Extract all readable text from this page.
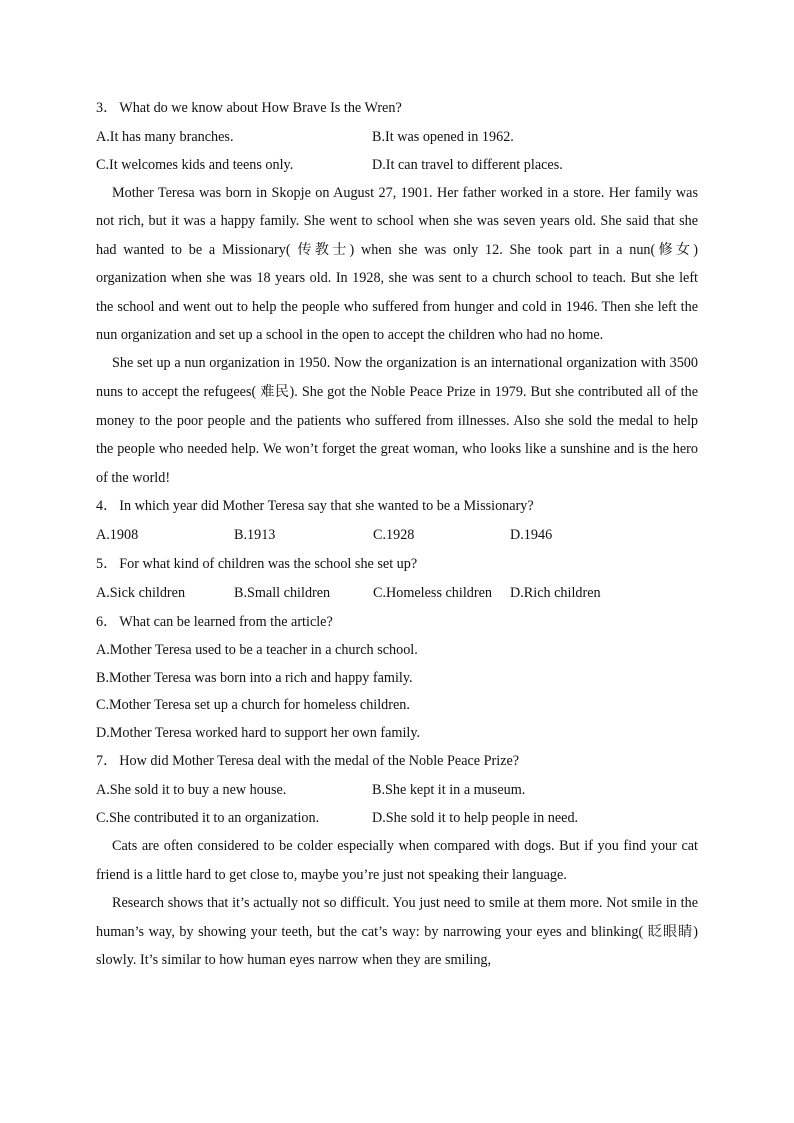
3． What do we know about How Brave Is the Wren?
A.It has many branches.	B.It was opened in 1962.
C.It welcomes kids and teens only.	D.It can travel to different places.

Mother Teresa was born in Skopje on August 27, 1901. Her father worked in a store. Her family was not rich, but it was a happy family. She went to school when she was seven years old. She said that she had wanted to be a Missionary( 传教士) when she was only 12. She took part in a nun(修女) organization when she was 18 years old. In 1928, she was sent to a church school to teach. But she left the school and went out to help the people who suffered from hunger and cold in 1946. Then she left the nun organization and set up a school in the open to accept the children who had no home.

She set up a nun organization in 1950. Now the organization is an international organization with 3500 nuns to accept the refugees( 难民). She got the Noble Peace Prize in 1979. But she contributed all of the money to the poor people and the patients who suffered from illnesses. Also she sold the medal to help the people who needed help. We won’t forget the great woman, who looks like a sunshine and is the hero of the world!

4． In which year did Mother Teresa say that she wanted to be a Missionary?
A.1908	B.1913	C.1928	D.1946
5． For what kind of children was the school she set up?
A.Sick children	B.Small children	C.Homeless children D.Rich children
6． What can be learned from the article?
A.Mother Teresa used to be a teacher in a church school.
B.Mother Teresa was born into a rich and happy family.
C.Mother Teresa set up a church for homeless children.
D.Mother Teresa worked hard to support her own family.
7． How did Mother Teresa deal with the medal of the Noble Peace Prize?
A.She sold it to buy a new house.	B.She kept it in a museum.
C.She contributed it to an organization.	D.She sold it to help people in need.

Cats are often considered to be colder especially when compared with dogs. But if you find your cat friend is a little hard to get close to, maybe you’re just not speaking their language.

Research shows that it’s actually not so difficult. You just need to smile at them more. Not smile in the human’s way, by showing your teeth, but the cat’s way: by narrowing your eyes and blinking( 眨眼睛) slowly. It’s similar to how human eyes narrow when they are smiling,
